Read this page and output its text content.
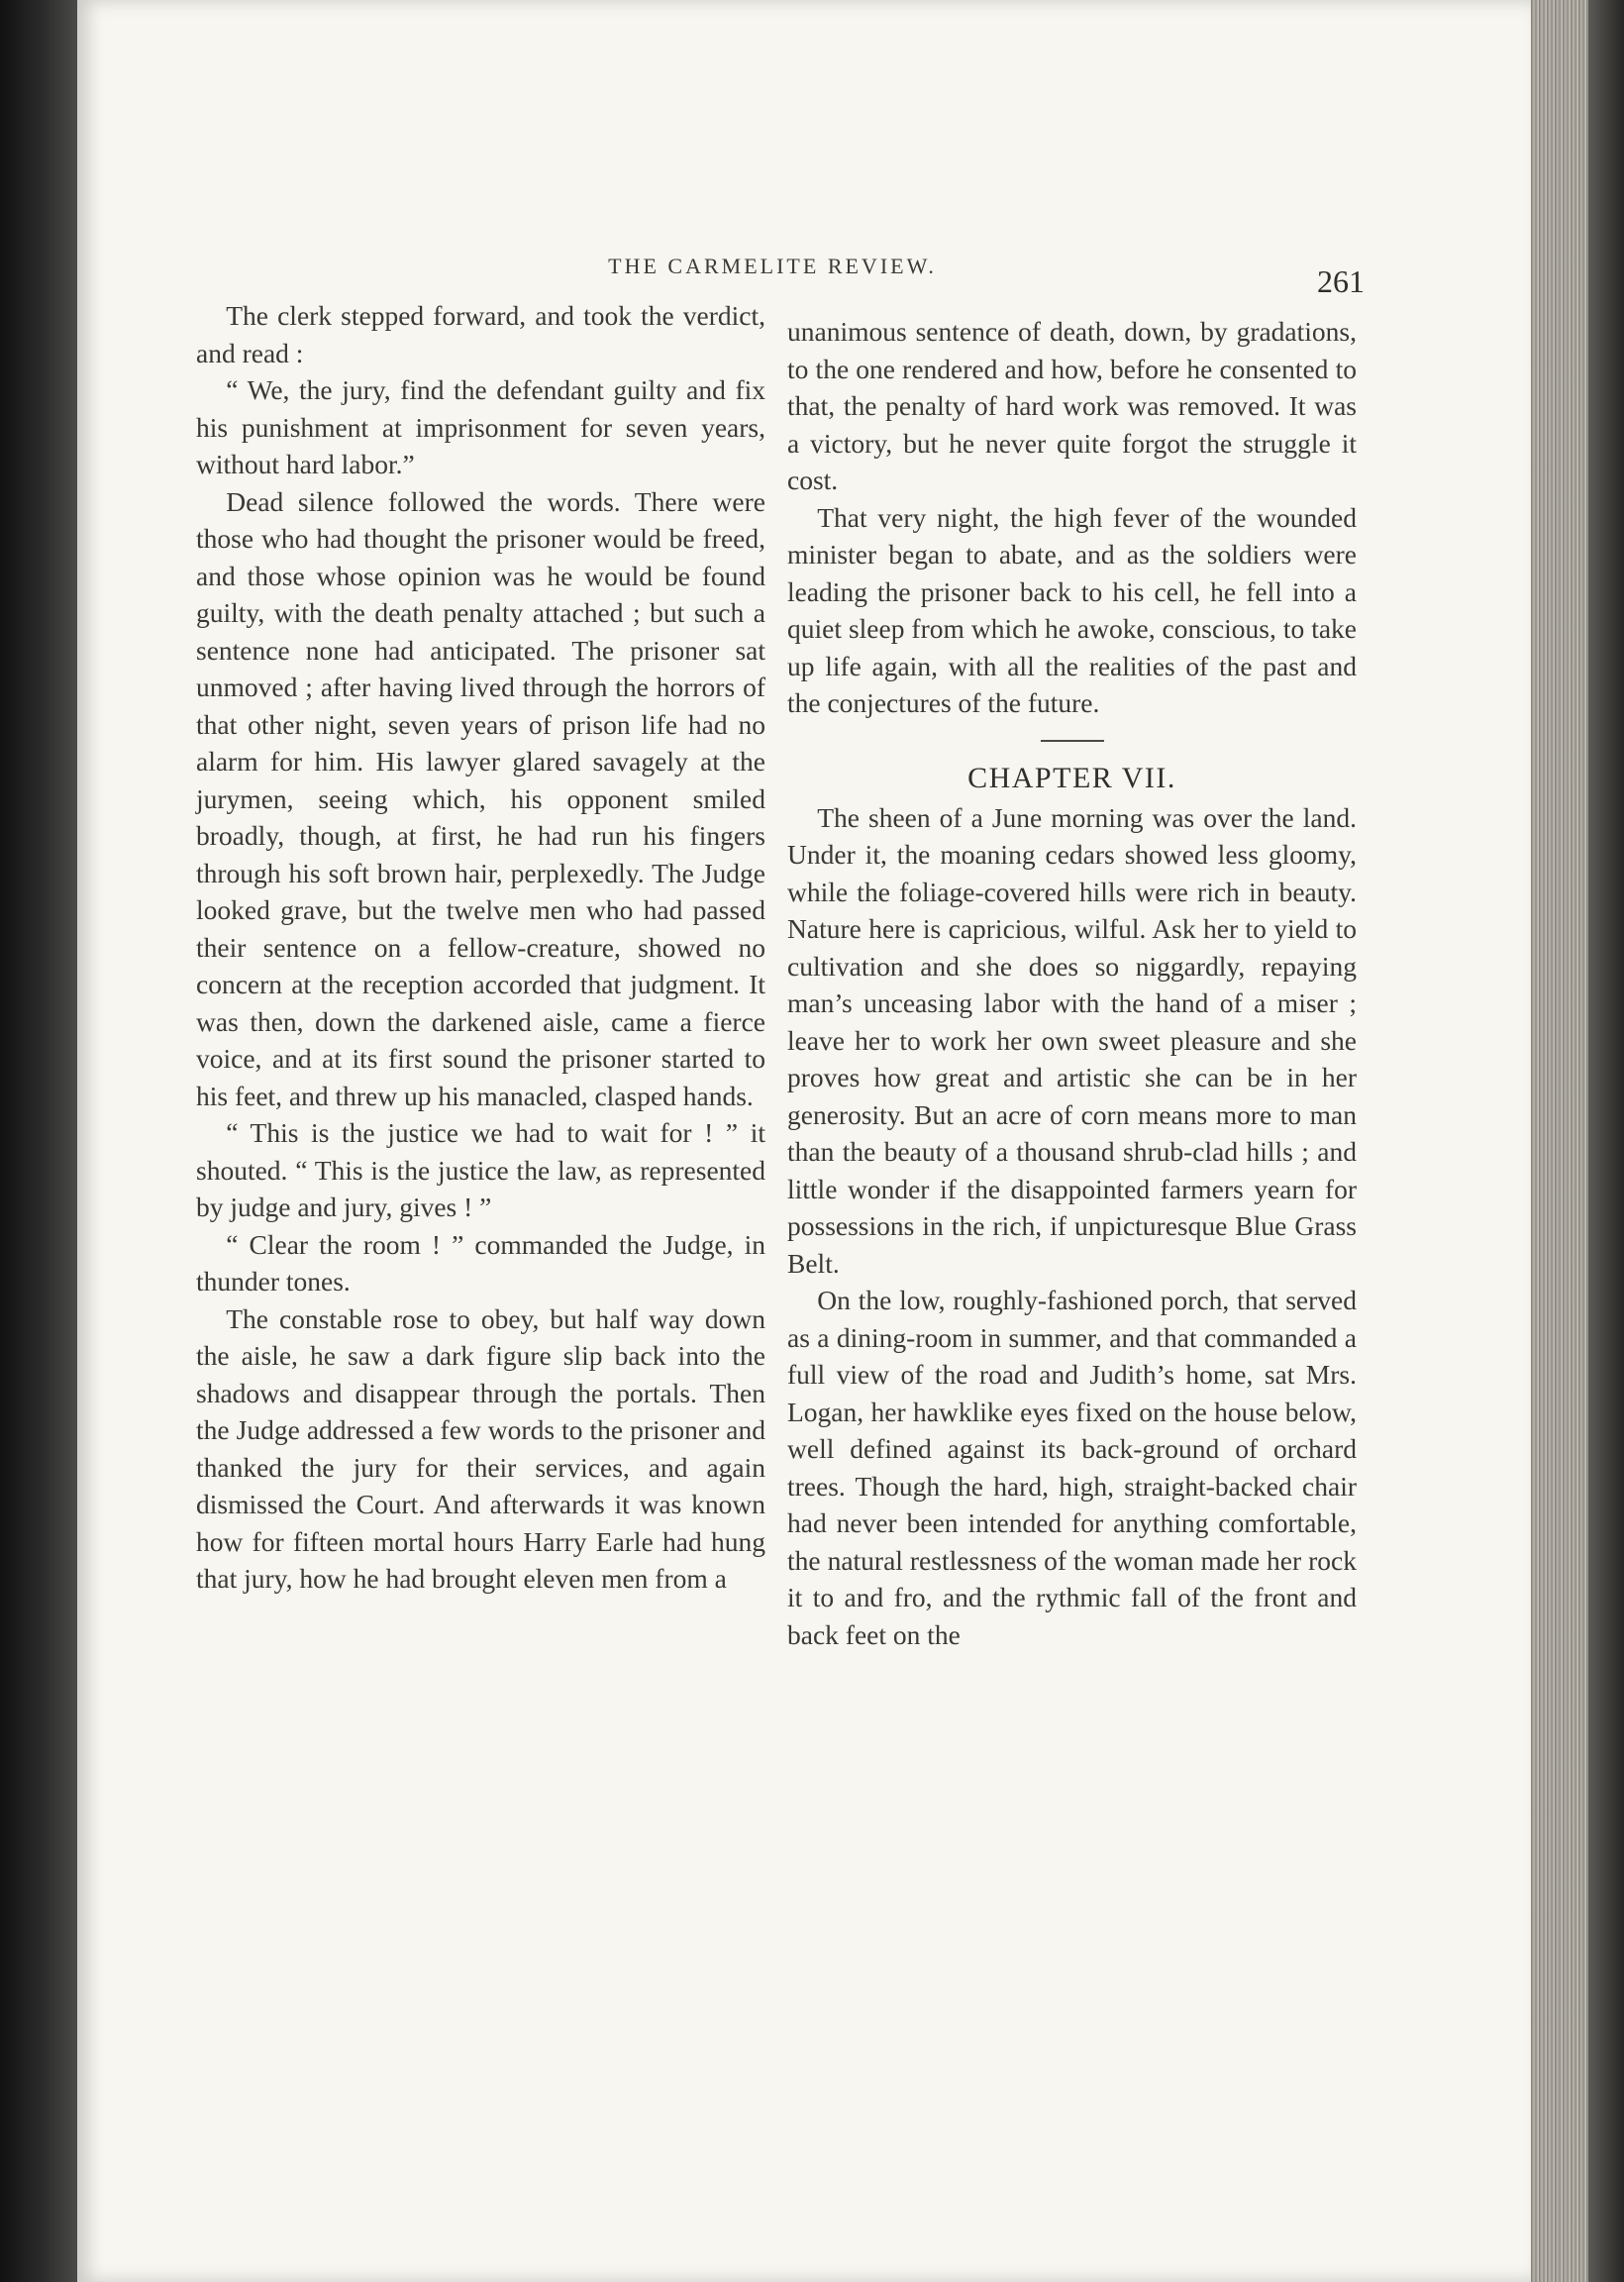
THE CARMELITE REVIEW.	261

The clerk stepped forward, and took the verdict, and read :

“ We, the jury, find the defendant guilty and fix his punishment at imprisonment for seven years, without hard labor.”

Dead silence followed the words. There were those who had thought the prisoner would be freed, and those whose opinion was he would be found guilty, with the death penalty attached ; but such a sentence none had anticipated. The prisoner sat unmoved ; after having lived through the horrors of that other night, seven years of prison life had no alarm for him. His lawyer glared savagely at the jurymen, seeing which, his opponent smiled broadly, though, at first, he had run his fingers through his soft brown hair, perplexedly. The Judge looked grave, but the twelve men who had passed their sentence on a fellow-creature, showed no concern at the reception accorded that judgment. It was then, down the darkened aisle, came a fierce voice, and at its first sound the prisoner started to his feet, and threw up his manacled, clasped hands.

“ This is the justice we had to wait for ! ” it shouted. “ This is the justice the law, as represented by judge and jury, gives ! ”

“ Clear the room ! ” commanded the Judge, in thunder tones.

The constable rose to obey, but half way down the aisle, he saw a dark figure slip back into the shadows and disappear through the portals. Then the Judge addressed a few words to the prisoner and thanked the jury for their services, and again dismissed the Court. And afterwards it was known how for fifteen mortal hours Harry Earle had hung that jury, how he had brought eleven men from a

unanimous sentence of death, down, by gradations, to the one rendered and how, before he consented to that, the penalty of hard work was removed. It was a victory, but he never quite forgot the struggle it cost.

That very night, the high fever of the wounded minister began to abate, and as the soldiers were leading the prisoner back to his cell, he fell into a quiet sleep from which he awoke, conscious, to take up life again, with all the realities of the past and the conjectures of the future.

CHAPTER VII.

The sheen of a June morning was over the land. Under it, the moaning cedars showed less gloomy, while the foliage-covered hills were rich in beauty. Nature here is capricious, wilful. Ask her to yield to cultivation and she does so niggardly, repaying man’s unceasing labor with the hand of a miser ; leave her to work her own sweet pleasure and she proves how great and artistic she can be in her generosity. But an acre of corn means more to man than the beauty of a thousand shrub-clad hills ; and little wonder if the disappointed farmers yearn for possessions in the rich, if unpicturesque Blue Grass Belt.

On the low, roughly-fashioned porch, that served as a dining-room in summer, and that commanded a full view of the road and Judith’s home, sat Mrs. Logan, her hawklike eyes fixed on the house below, well defined against its back-ground of orchard trees. Though the hard, high, straight-backed chair had never been intended for anything comfortable, the natural restlessness of the woman made her rock it to and fro, and the rythmic fall of the front and back feet on the
